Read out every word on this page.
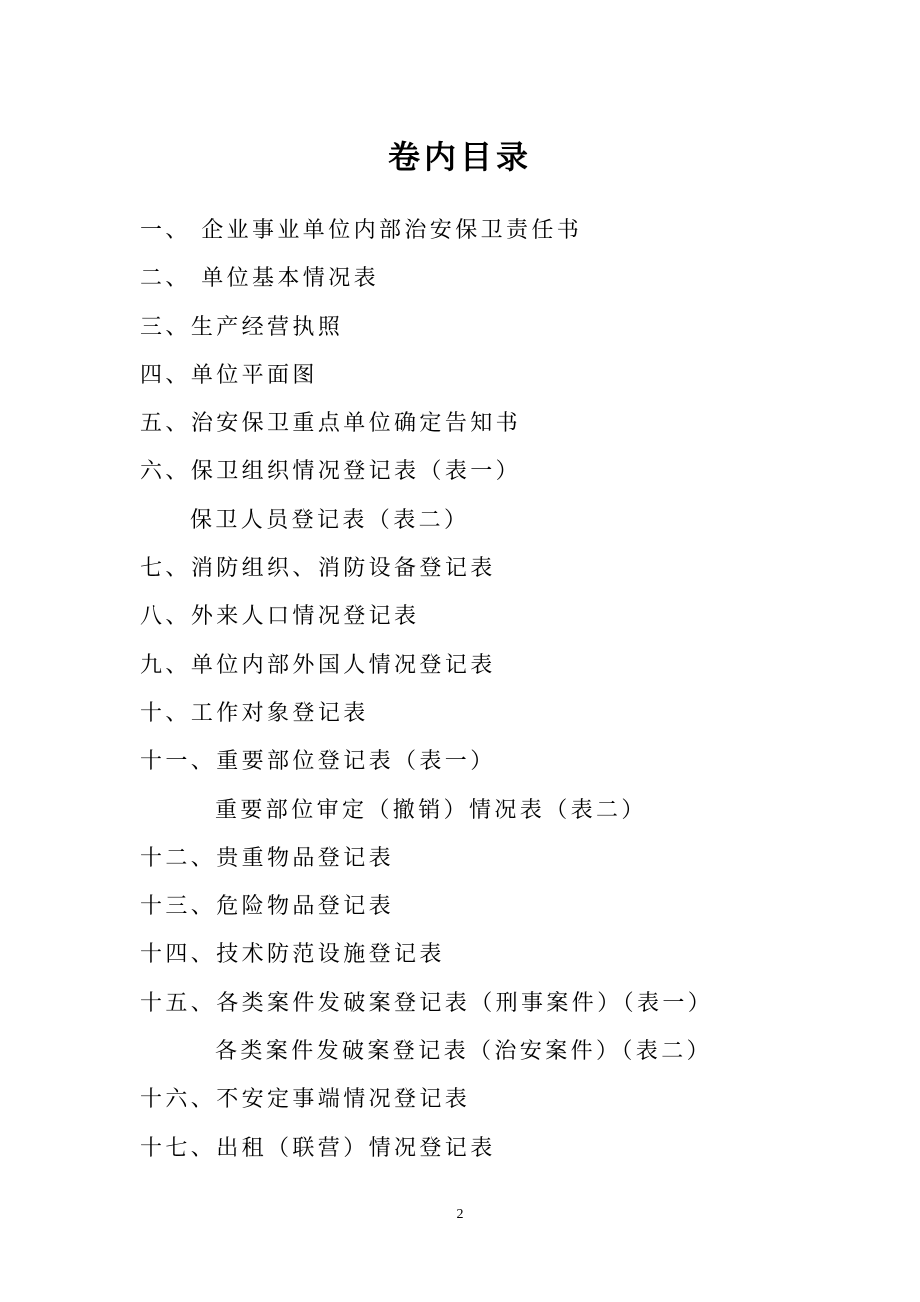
卷内目录
一、 企业事业单位内部治安保卫责任书
二、 单位基本情况表
三、生产经营执照
四、单位平面图
五、治安保卫重点单位确定告知书
六、保卫组织情况登记表（表一）
保卫人员登记表（表二）
七、消防组织、消防设备登记表
八、外来人口情况登记表
九、单位内部外国人情况登记表
十、工作对象登记表
十一、重要部位登记表（表一）
重要部位审定（撤销）情况表（表二）
十二、贵重物品登记表
十三、危险物品登记表
十四、技术防范设施登记表
十五、各类案件发破案登记表（刑事案件）（表一）
各类案件发破案登记表（治安案件）（表二）
十六、不安定事端情况登记表
十七、出租（联营）情况登记表
2
